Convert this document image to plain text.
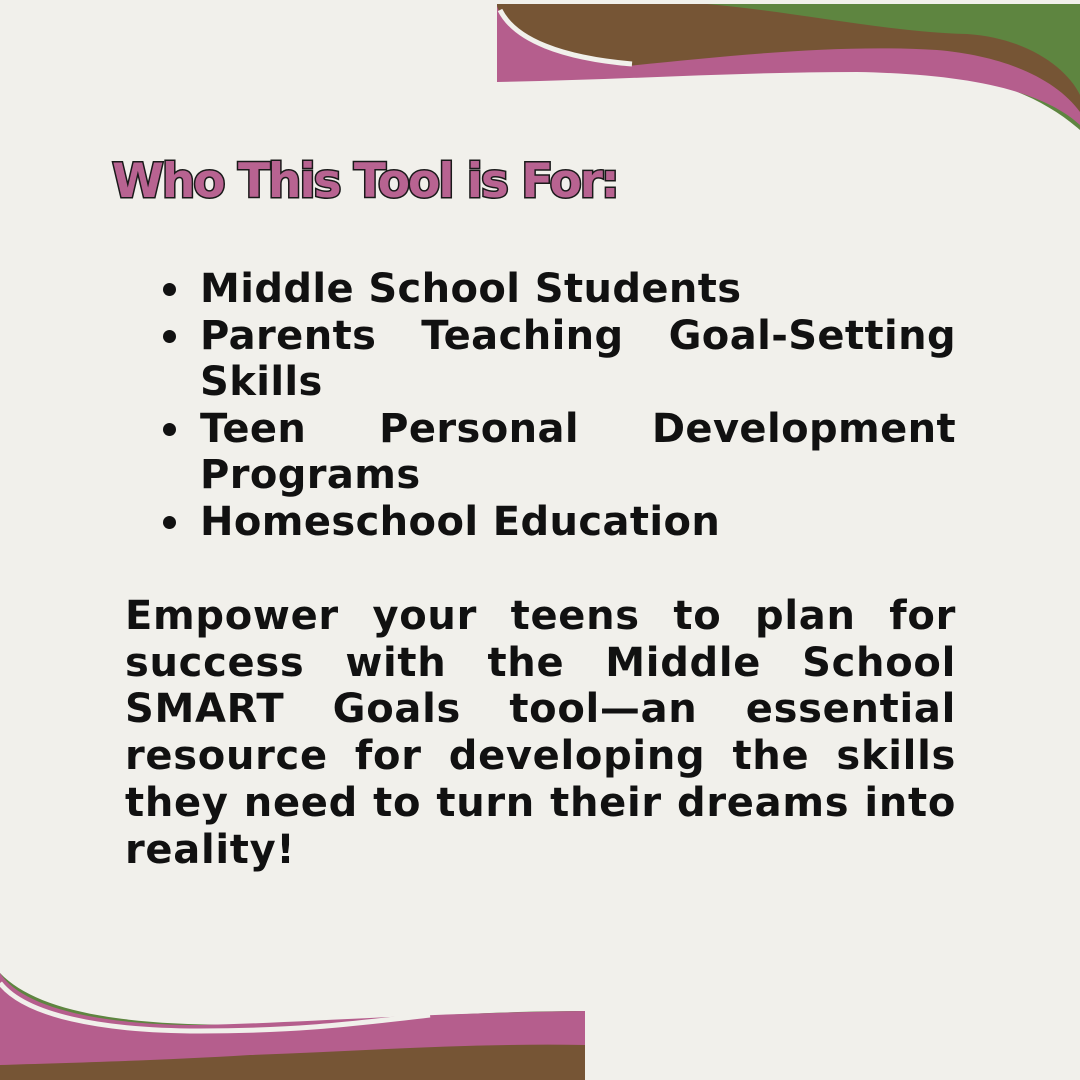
Who This Tool is For:
Middle School Students
Parents Teaching Goal-Setting Skills
Teen Personal Development Programs
Homeschool Education

Empower your teens to plan for success with the Middle School SMART Goals tool—an essential resource for developing the skills they need to turn their dreams into reality!
